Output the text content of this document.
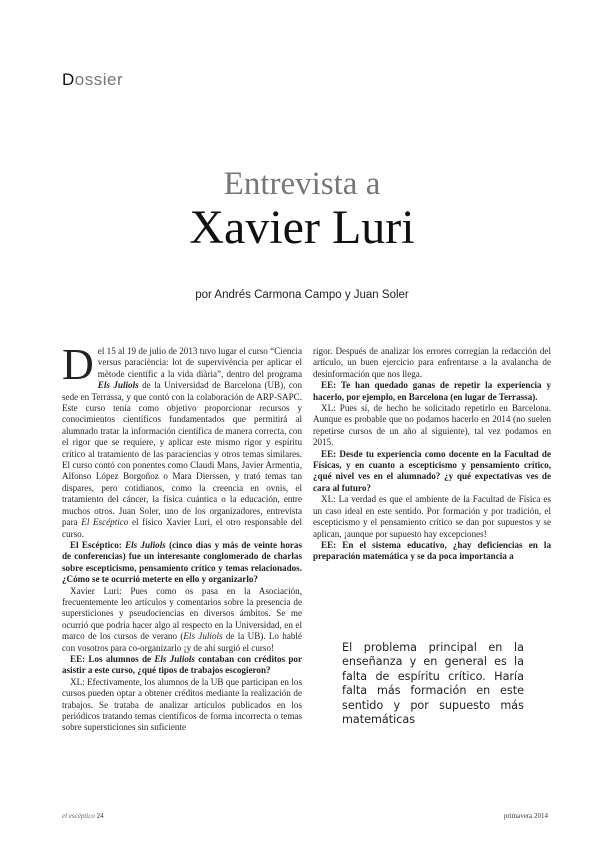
Dossier
Entrevista a
Xavier Luri
por Andrés Carmona Campo y Juan Soler

Del 15 al 19 de julio de 2013 tuvo lugar el curso “Ciencia versus paraciència: lot de supervivència per aplicar el mètode científic a la vida diària”, dentro del programa Els Juliols de la Universidad de Barcelona (UB), con sede en Terrassa, y que contó con la colaboración de ARP-SAPC. Este curso tenía como objetivo proporcionar recursos y conocimientos científicos fundamentados que permitirá al alumnado tratar la información científica de manera correcta, con el rigor que se requiere, y aplicar este mismo rigor y espíritu crítico al tratamiento de las paraciencias y otros temas similares. El curso contó con ponentes como Claudi Mans, Javier Armentia, Alfonso López Borgoñoz o Mara Dierssen, y trató temas tan dispares, pero cotidianos, como la creencia en ovnis, el tratamiento del cáncer, la física cuántica o la educación, entre muchos otros. Juan Soler, uno de los organizadores, entrevista para El Escéptico el físico Xavier Luri, el otro responsable del curso.

El Escéptico: Els Juliols (cinco días y más de veinte horas de conferencias) fue un interesante conglomerado de charlas sobre escepticismo, pensamiento crítico y temas relacionados. ¿Cómo se te ocurrió meterte en ello y organizarlo?

Xavier Luri: Pues como os pasa en la Asociación, frecuentemente leo artículos y comentarios sobre la presencia de supersticiones y pseudociencias en diversos ámbitos. Se me ocurrió que podría hacer algo al respecto en la Universidad, en el marco de los cursos de verano (Els Juliols de la UB). Lo hablé con vosotros para co-organizarlo ¡y de ahí surgió el curso!

EE: Los alumnos de Els Juliols contaban con créditos por asistir a este curso, ¿qué tipos de trabajos escogieron?

XL: Efectivamente, los alumnos de la UB que participan en los cursos pueden optar a obtener créditos mediante la realización de trabajos. Se trataba de analizar artículos publicados en los periódicos tratando temas científicos de forma incorrecta o temas sobre supersticiones sin suficiente

rigor. Después de analizar los errores corregían la redacción del artículo, un buen ejercicio para enfrentarse a la avalancha de desinformación que nos llega.

EE: Te han quedado ganas de repetir la experiencia y hacerlo, por ejemplo, en Barcelona (en lugar de Terrassa).

XL: Pues sí, de hecho he solicitado repetirlo en Barcelona. Aunque es probable que no podamos hacerlo en 2014 (no suelen repetirse cursos de un año al siguiente), tal vez podamos en 2015.

EE: Desde tu experiencia como docente en la Facultad de Físicas, y en cuanto a escepticismo y pensamiento crítico, ¿qué nivel ves en el alumnado? ¿y qué expectativas ves de cara al futuro?

XL: La verdad es que el ambiente de la Facultad de Física es un caso ideal en este sentido. Por formación y por tradición, el escepticismo y el pensamiento crítico se dan por supuestos y se aplican, ¡aunque por supuesto hay excepciones!

EE: En el sistema educativo, ¿hay deficiencias en la preparación matemática y se da poca importancia a

El problema principal en la enseñanza y en general es la falta de espíritu crítico. Haría falta más formación en este sentido y por supuesto más matemáticas
el escéptico 24	primavera 2014
